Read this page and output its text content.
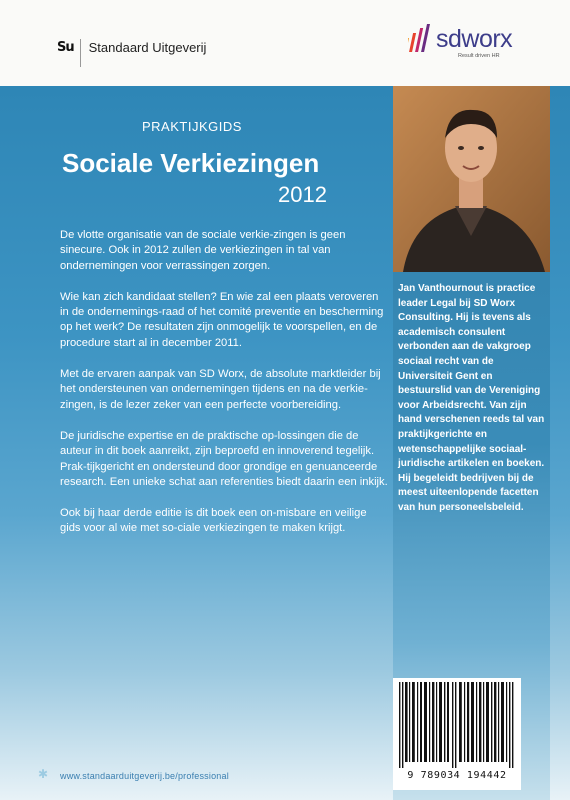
Su Standaard Uitgeverij	sdworx
Result driven HR
PRAKTIJKGIDS
Sociale Verkiezingen
2012

De vlotte organisatie van de sociale verkie-zingen is geen sinecure. Ook in 2012 zullen de verkiezingen in tal van ondernemingen voor verrassingen zorgen.

Wie kan zich kandidaat stellen? En wie zal een plaats veroveren in de ondernemings-raad of het comité preventie en bescherming op het werk? De resultaten zijn onmogelijk te voorspellen, en de procedure start al in december 2011.

Met de ervaren aanpak van SD Worx, de absolute marktleider bij het ondersteunen van ondernemingen tijdens en na de verkie-zingen, is de lezer zeker van een perfecte voorbereiding.

De juridische expertise en de praktische op-lossingen die de auteur in dit boek aanreikt, zijn beproefd en innoverend tegelijk. Prak-tijkgericht en ondersteund door grondige en genuanceerde research. Een unieke schat aan referenties biedt daarin een inkijk.

Ook bij haar derde editie is dit boek een on-misbare en veilige gids voor al wie met so-ciale verkiezingen te maken krijgt.

Jan Vanthournout is practice leader Legal bij SD Worx Consulting. Hij is tevens als academisch consulent verbonden aan de vakgroep sociaal recht van de Universiteit Gent en bestuurslid van de Vereniging voor Arbeidsrecht. Van zijn hand verschenen reeds tal van praktijkgerichte en wetenschappelijke sociaal-juridische artikelen en boeken. Hij begeleidt bedrijven bij de meest uiteenlopende facetten van hun personeelsbeleid.
9 789034 194442
✱ www.standaarduitgeverij.be/professional
